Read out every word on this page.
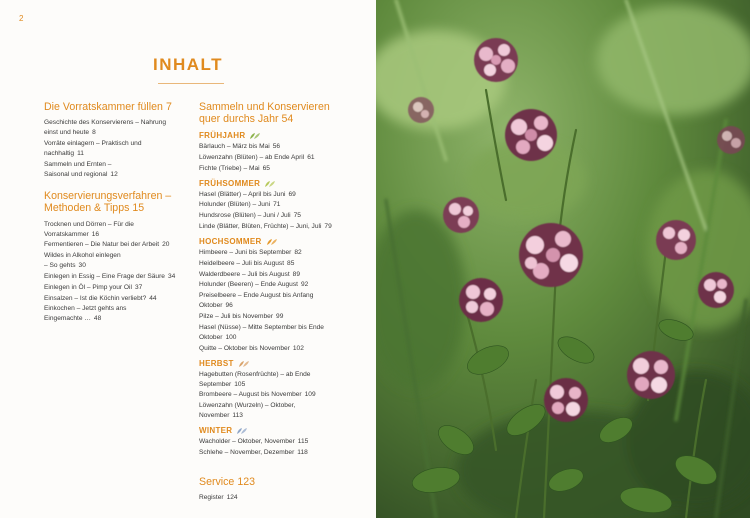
2
INHALT
Die Vorratskammer füllen 7
Geschichte des Konservierens – Nahrung
einst und heute 8
Vorräte einlagern – Praktisch und
nachhaltig 11
Sammeln und Ernten –
Saisonal und regional 12
Konservierungsverfahren –
Methoden & Tipps 15
Trocknen und Dörren – Für die
Vorratskammer 16
Fermentieren – Die Natur bei der Arbeit 20
Wildes in Alkohol einlegen
– So gehts 30
Einlegen in Essig – Eine Frage der Säure 34
Einlegen in Öl – Pimp your Oil 37
Einsalzen – Ist die Köchin verliebt? 44
Einkochen – Jetzt gehts ans
Eingemachte … 48
Sammeln und Konservieren
quer durchs Jahr 54
FRÜHJAHR
Bärlauch – März bis Mai 56
Löwenzahn (Blüten) – ab Ende April 61
Fichte (Triebe) – Mai 65
FRÜHSOMMER
Hasel (Blätter) – April bis Juni 69
Holunder (Blüten) – Juni 71
Hundsrose (Blüten) – Juni / Juli 75
Linde (Blätter, Blüten, Früchte) – Juni, Juli 79
HOCHSOMMER
Himbeere – Juni bis September 82
Heidelbeere – Juli bis August 85
Walderdbeere – Juli bis August 89
Holunder (Beeren) – Ende August 92
Preiselbeere – Ende August bis Anfang
Oktober 96
Pilze – Juli bis November 99
Hasel (Nüsse) – Mitte September bis Ende
Oktober 100
Quitte – Oktober bis November 102
HERBST
Hagebutten (Rosenfrüchte) – ab Ende
September 105
Brombeere – August bis November 109
Löwenzahn (Wurzeln) – Oktober,
November 113
WINTER
Wacholder – Oktober, November 115
Schlehe – November, Dezember 118
Service 123
Register 124
